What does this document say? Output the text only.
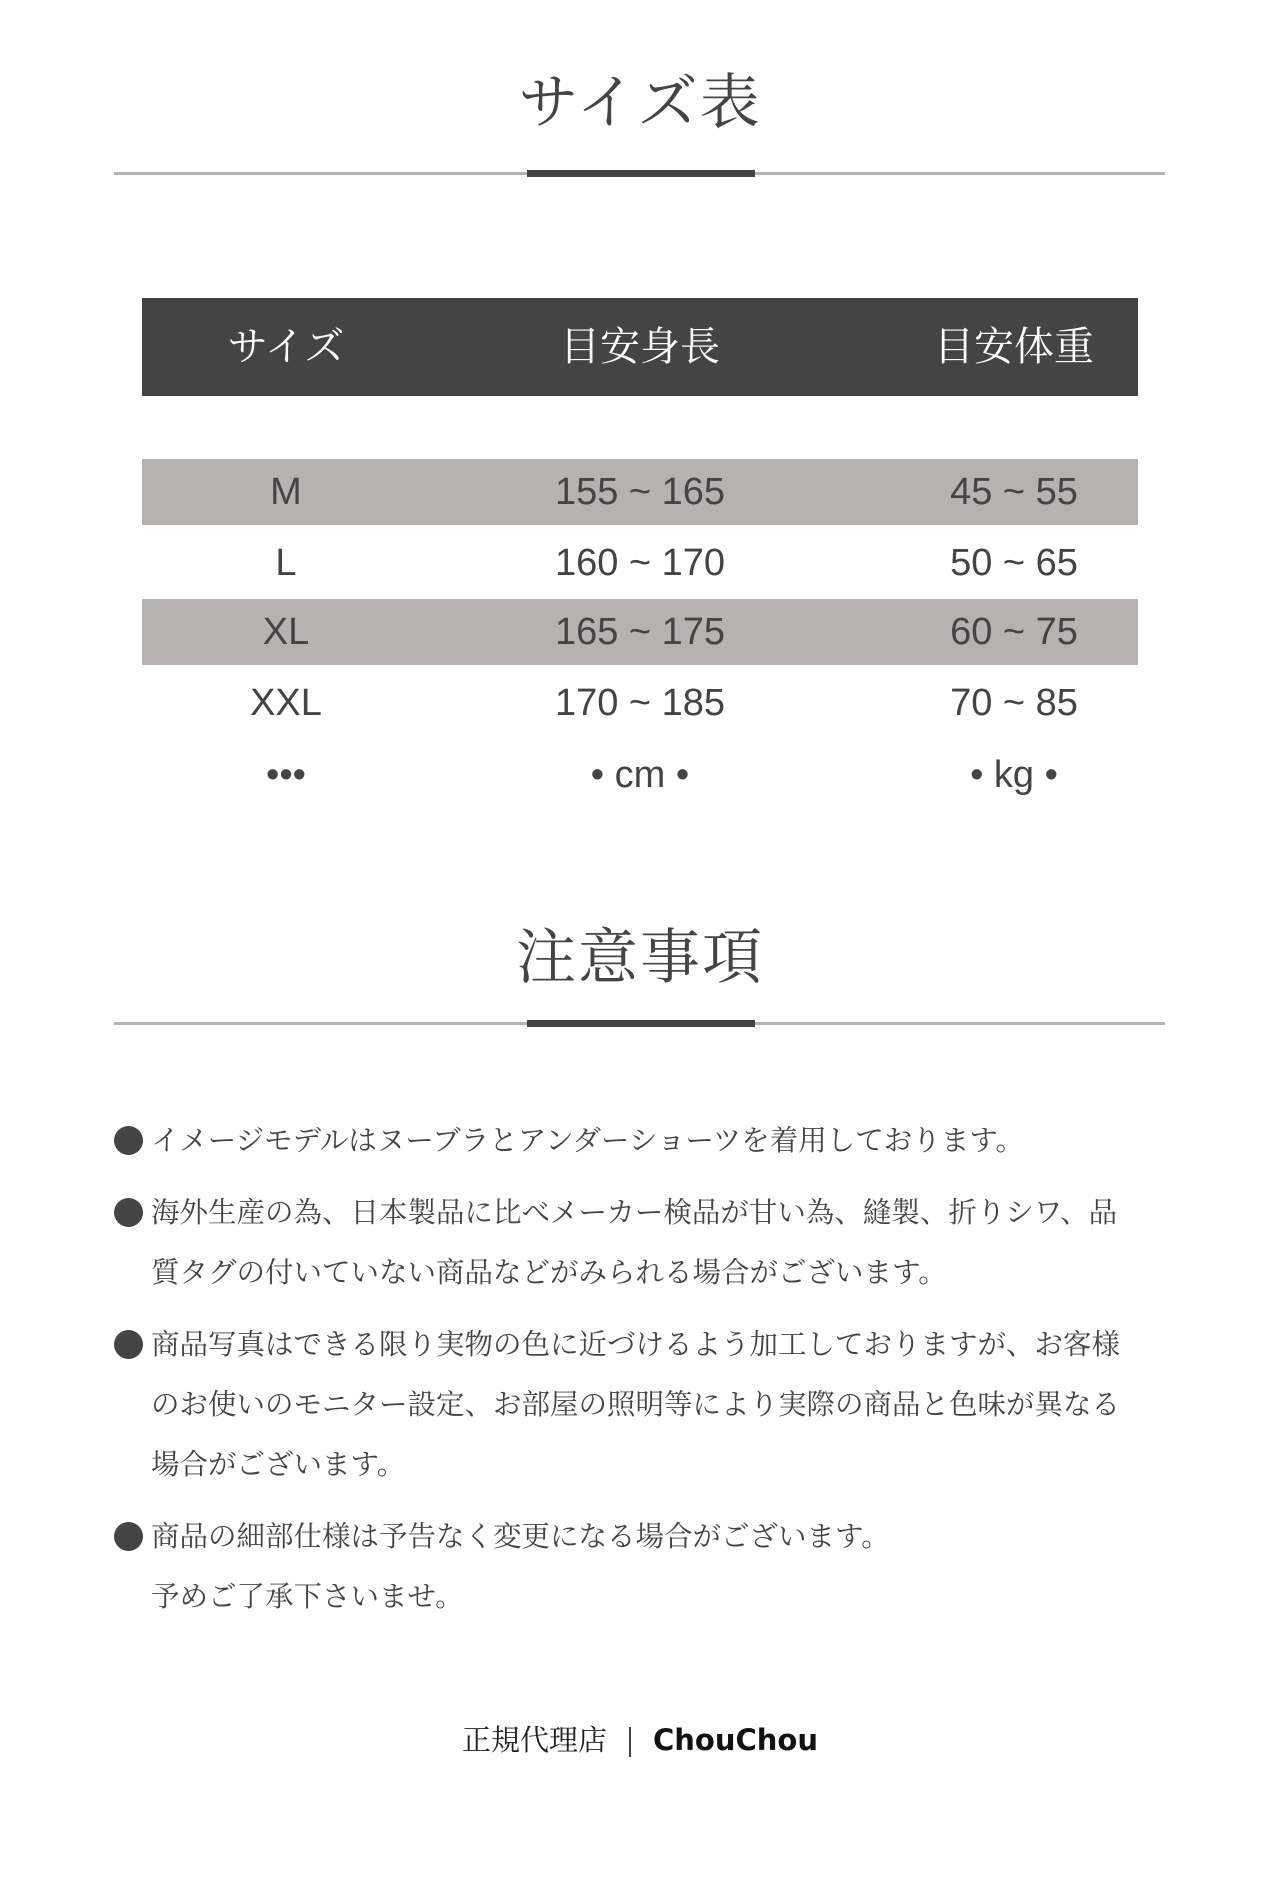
サイズ表
サイズ	目安身長	目安体重
M	155 ~ 165	45 ~ 55
L	160 ~ 170	50 ~ 65
XL	165 ~ 175	60 ~ 75
XXL	170 ~ 185	70 ~ 85
•••	• cm •	• kg •
注意事項
イメージモデルはヌーブラとアンダーショーツを着用しております。
海外生産の為、日本製品に比べメーカー検品が甘い為、縫製、折りシワ、品
質タグの付いていない商品などがみられる場合がございます。
商品写真はできる限り実物の色に近づけるよう加工しておりますが、お客様
のお使いのモニター設定、お部屋の照明等により実際の商品と色味が異なる
場合がございます。
商品の細部仕様は予告なく変更になる場合がございます。
予めご了承下さいませ。
正規代理店 ChouChou
